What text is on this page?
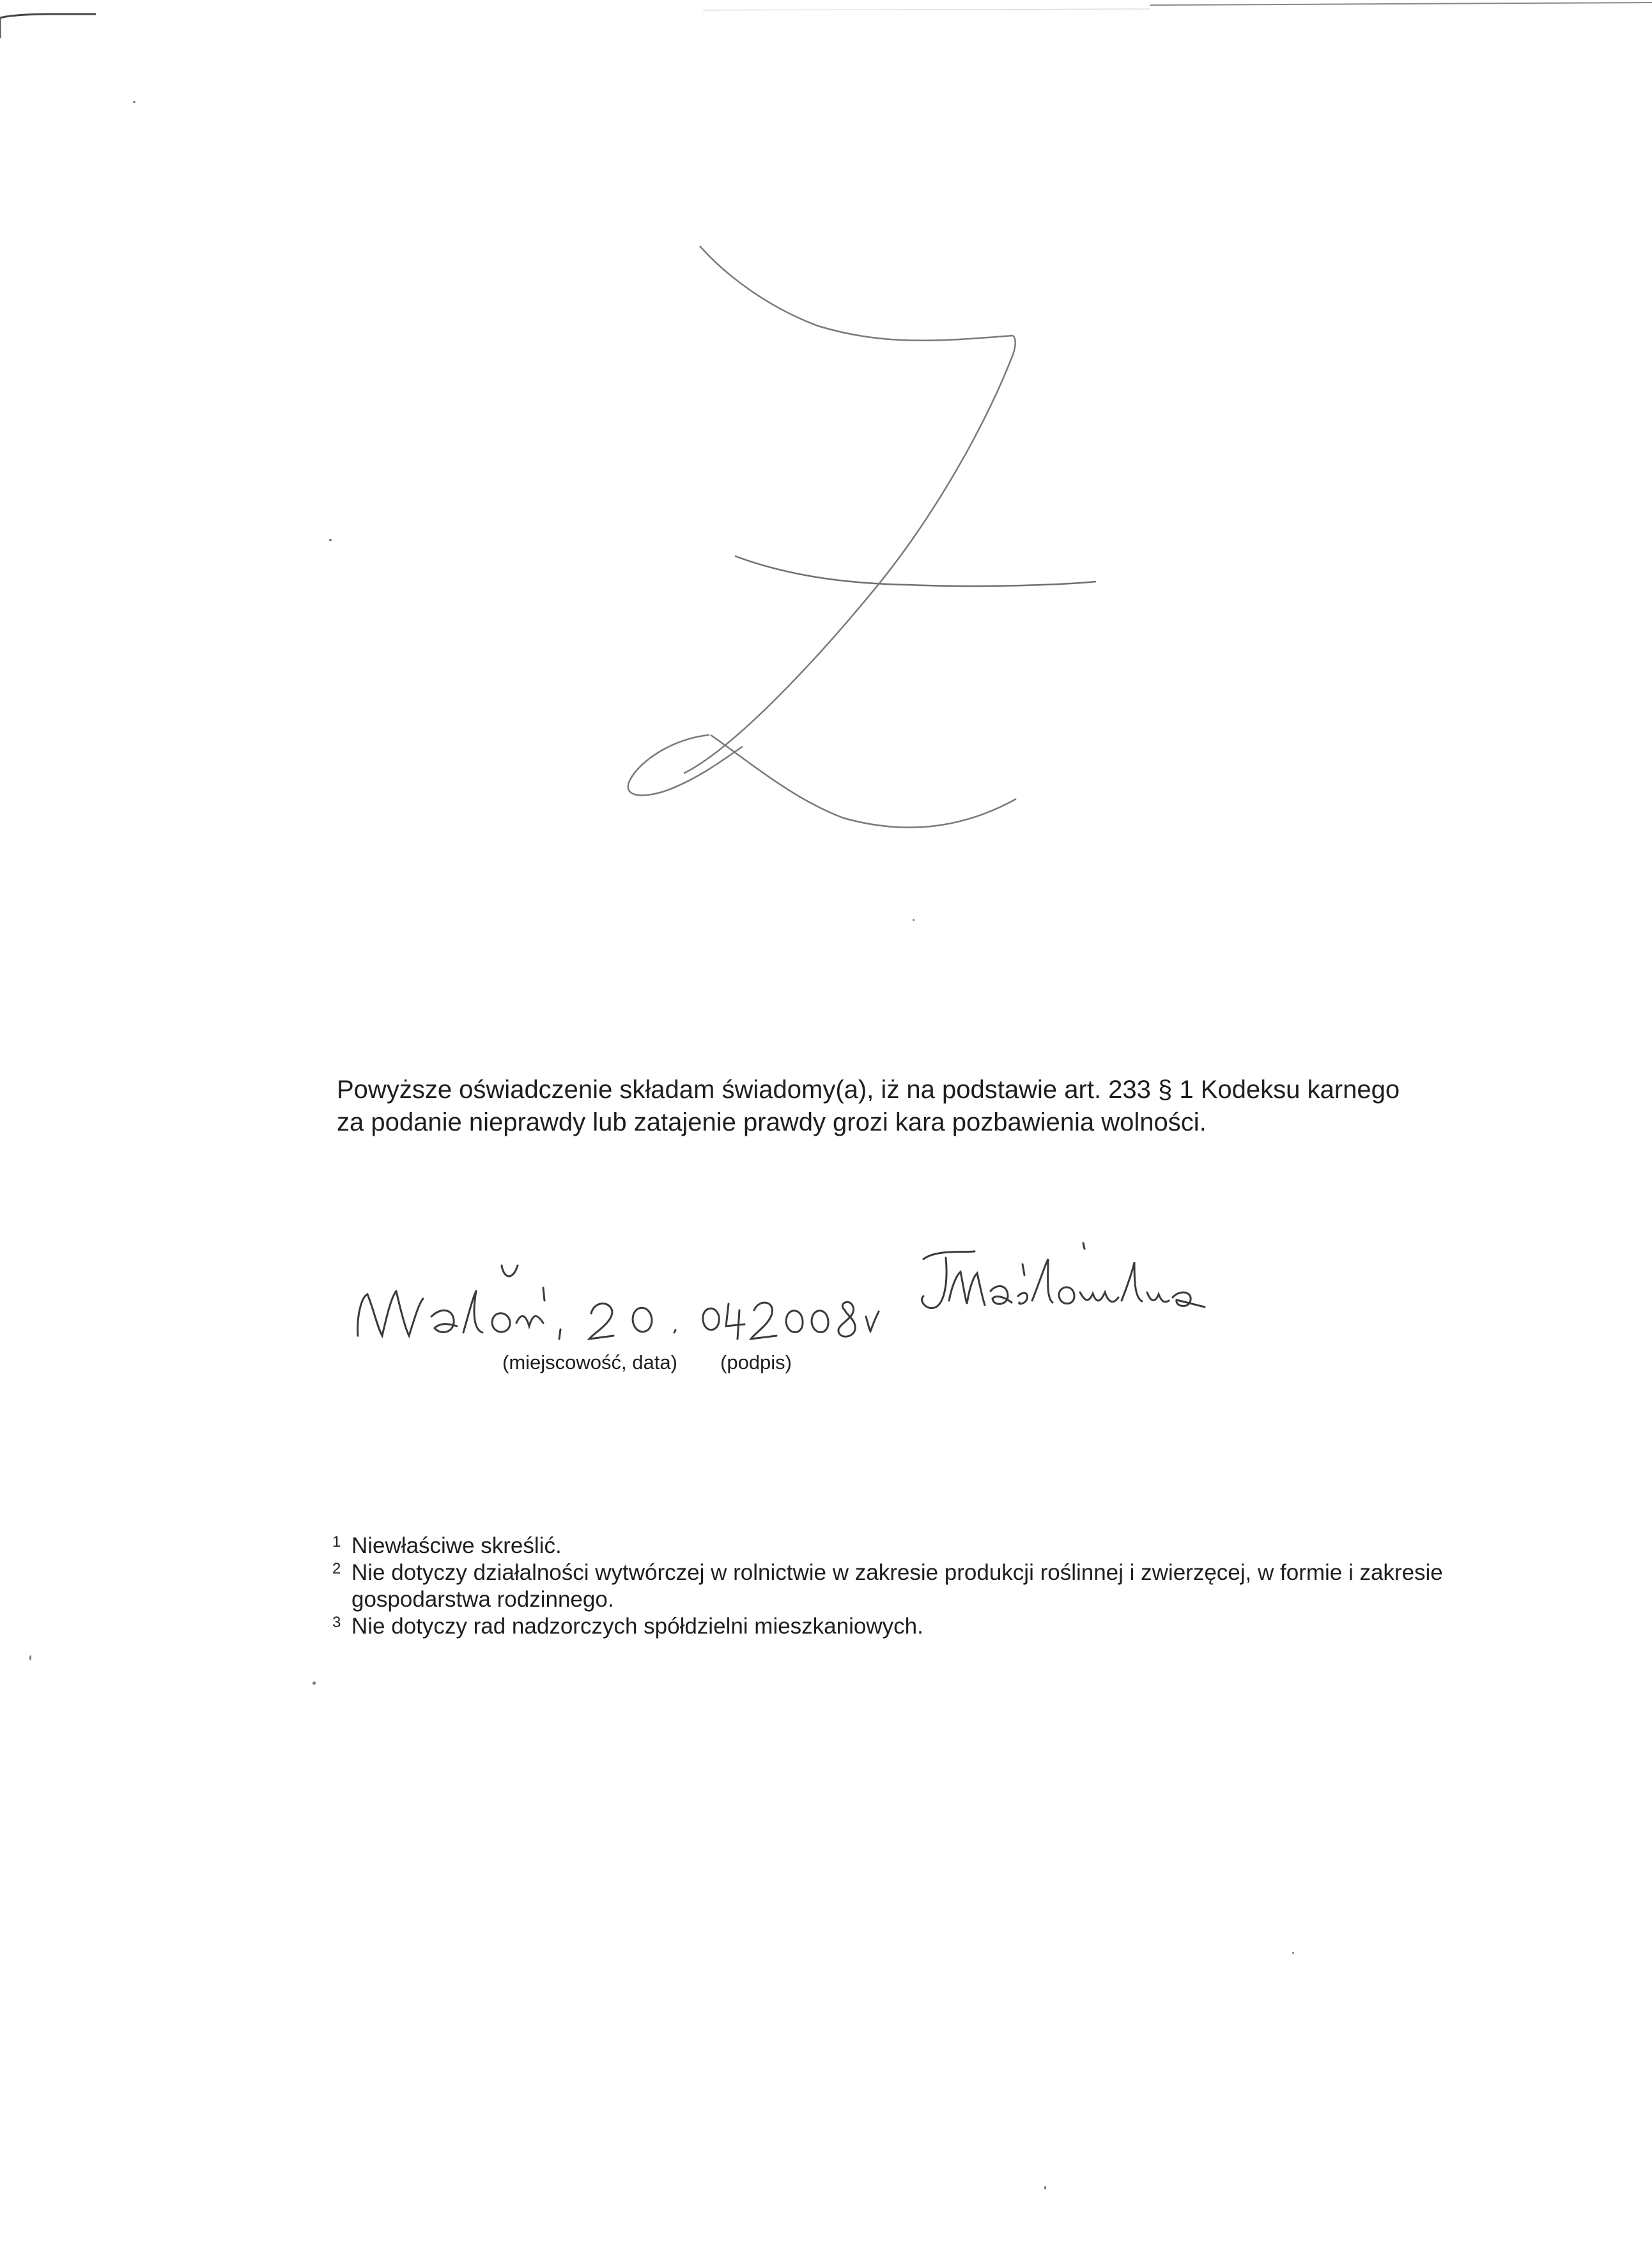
Powyższe oświadczenie składam świadomy(a), iż na podstawie art. 233 § 1 Kodeksu karnego
za podanie nieprawdy lub zatajenie prawdy grozi kara pozbawienia wolności.

(miejscowość, data) (podpis)

1 Niewłaściwe skreślić.

2 Nie dotyczy działalności wytwórczej w rolnictwie w zakresie produkcji roślinnej i zwierzęcej, w formie i zakresie gospodarstwa rodzinnego.

3 Nie dotyczy rad nadzorczych spółdzielni mieszkaniowych.
